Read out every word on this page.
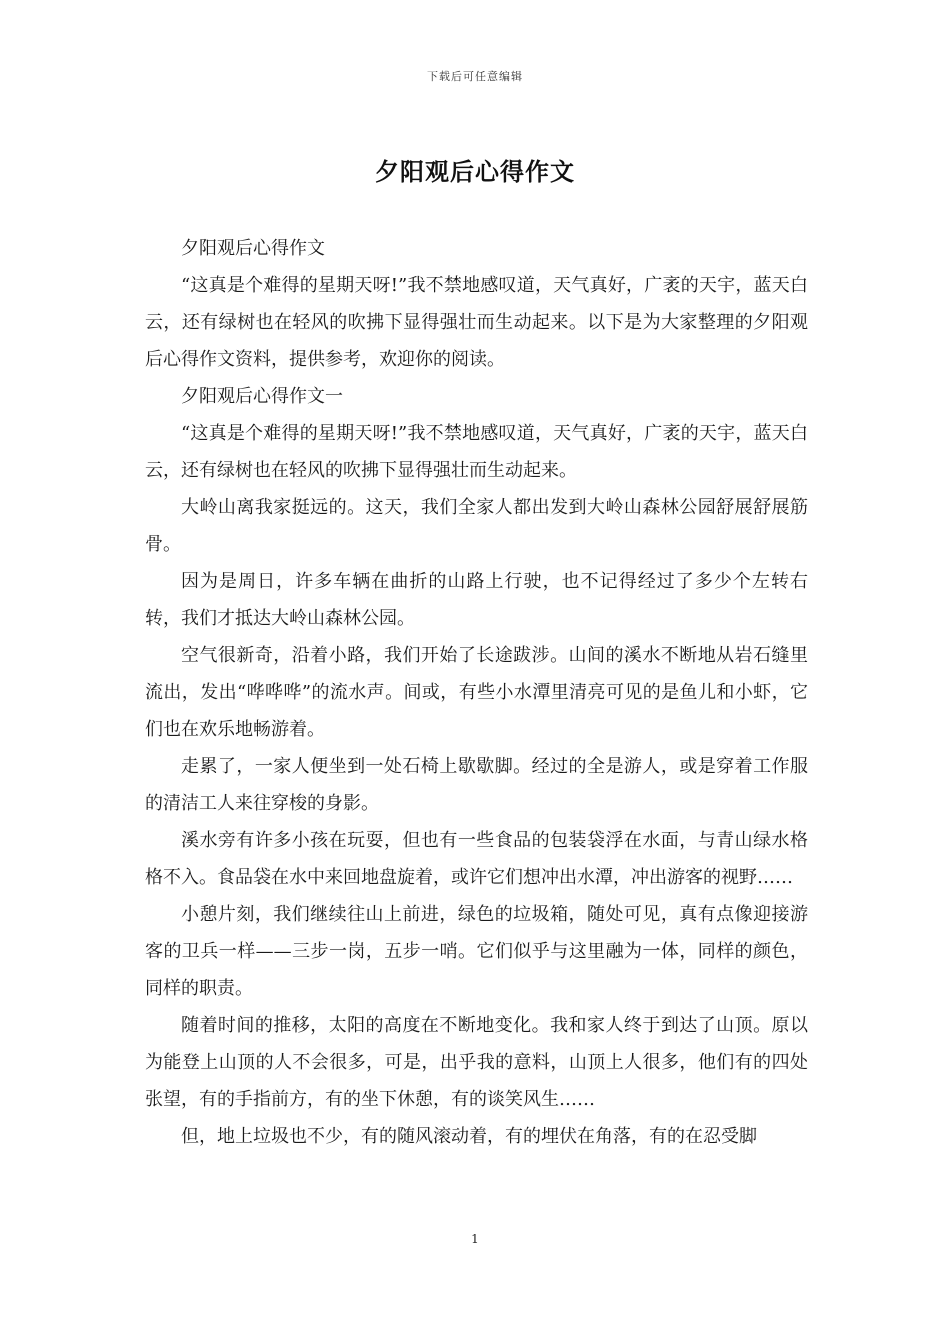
下载后可任意编辑
夕阳观后心得作文

夕阳观后心得作文

“这真是个难得的星期天呀!”我不禁地感叹道，天气真好，广袤的天宇，蓝天白云，还有绿树也在轻风的吹拂下显得强壮而生动起来。以下是为大家整理的夕阳观后心得作文资料，提供参考，欢迎你的阅读。

夕阳观后心得作文一

“这真是个难得的星期天呀!”我不禁地感叹道，天气真好，广袤的天宇，蓝天白云，还有绿树也在轻风的吹拂下显得强壮而生动起来。

大岭山离我家挺远的。这天，我们全家人都出发到大岭山森林公园舒展舒展筋骨。

因为是周日，许多车辆在曲折的山路上行驶，也不记得经过了多少个左转右转，我们才抵达大岭山森林公园。

空气很新奇，沿着小路，我们开始了长途跋涉。山间的溪水不断地从岩石缝里流出，发出“哗哗哗”的流水声。间或，有些小水潭里清亮可见的是鱼儿和小虾，它们也在欢乐地畅游着。

走累了，一家人便坐到一处石椅上歇歇脚。经过的全是游人，或是穿着工作服的清洁工人来往穿梭的身影。

溪水旁有许多小孩在玩耍，但也有一些食品的包装袋浮在水面，与青山绿水格格不入。食品袋在水中来回地盘旋着，或许它们想冲出水潭，冲出游客的视野……

小憩片刻，我们继续往山上前进，绿色的垃圾箱，随处可见，真有点像迎接游客的卫兵一样——三步一岗，五步一哨。它们似乎与这里融为一体，同样的颜色，同样的职责。

随着时间的推移，太阳的高度在不断地变化。我和家人终于到达了山顶。原以为能登上山顶的人不会很多，可是，出乎我的意料，山顶上人很多，他们有的四处张望，有的手指前方，有的坐下休憩，有的谈笑风生……

但，地上垃圾也不少，有的随风滚动着，有的埋伏在角落，有的在忍受脚

1
